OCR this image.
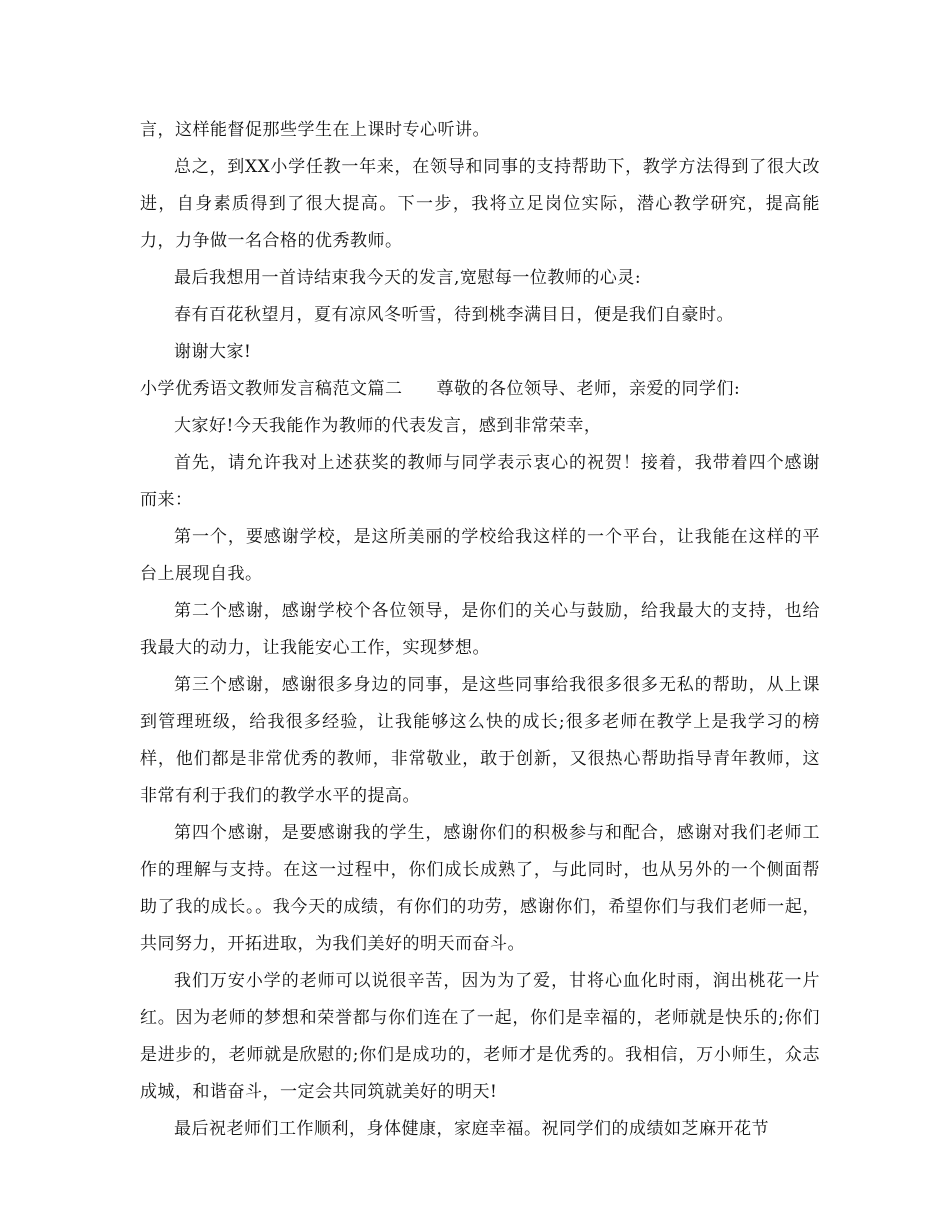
言，这样能督促那些学生在上课时专心听讲。

总之，到XX小学任教一年来，在领导和同事的支持帮助下，教学方法得到了很大改进，自身素质得到了很大提高。下一步，我将立足岗位实际，潜心教学研究，提高能力，力争做一名合格的优秀教师。

最后我想用一首诗结束我今天的发言,宽慰每一位教师的心灵:

春有百花秋望月，夏有凉风冬听雪，待到桃李满目日，便是我们自豪时。

谢谢大家!

小学优秀语文教师发言稿范文篇二 尊敬的各位领导、老师，亲爱的同学们:

大家好!今天我能作为教师的代表发言，感到非常荣幸，

首先，请允许我对上述获奖的教师与同学表示衷心的祝贺！接着，我带着四个感谢而来：

第一个，要感谢学校，是这所美丽的学校给我这样的一个平台，让我能在这样的平台上展现自我。

第二个感谢，感谢学校个各位领导，是你们的关心与鼓励，给我最大的支持，也给我最大的动力，让我能安心工作，实现梦想。

第三个感谢，感谢很多身边的同事，是这些同事给我很多很多无私的帮助，从上课到管理班级，给我很多经验，让我能够这么快的成长;很多老师在教学上是我学习的榜样，他们都是非常优秀的教师，非常敬业，敢于创新，又很热心帮助指导青年教师，这非常有利于我们的教学水平的提高。

第四个感谢，是要感谢我的学生，感谢你们的积极参与和配合，感谢对我们老师工作的理解与支持。在这一过程中，你们成长成熟了，与此同时，也从另外的一个侧面帮助了我的成长。。我今天的成绩，有你们的功劳，感谢你们，希望你们与我们老师一起，共同努力，开拓进取，为我们美好的明天而奋斗。

我们万安小学的老师可以说很辛苦，因为为了爱，甘将心血化时雨，润出桃花一片红。因为老师的梦想和荣誉都与你们连在了一起，你们是幸福的，老师就是快乐的;你们是进步的，老师就是欣慰的;你们是成功的，老师才是优秀的。我相信，万小师生，众志成城，和谐奋斗，一定会共同筑就美好的明天!

最后祝老师们工作顺利，身体健康，家庭幸福。祝同学们的成绩如芝麻开花节
